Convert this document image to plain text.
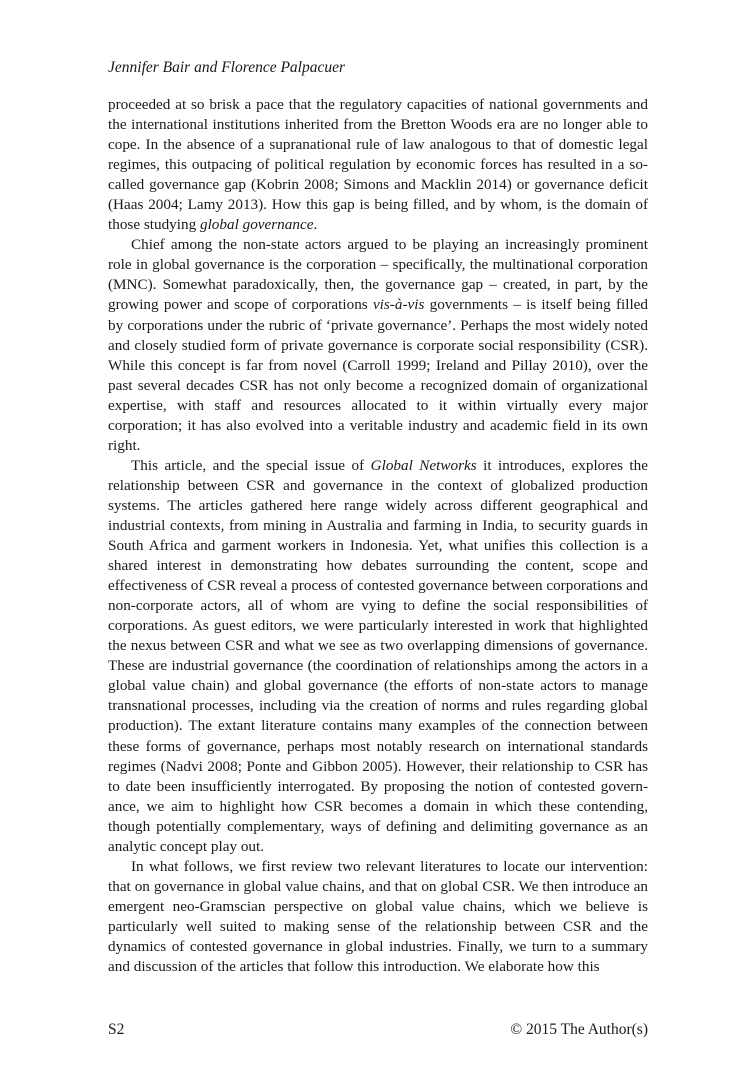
Jennifer Bair and Florence Palpacuer

proceeded at so brisk a pace that the regulatory capacities of national governments and the international institutions inherited from the Bretton Woods era are no longer able to cope. In the absence of a supranational rule of law analogous to that of domestic legal regimes, this outpacing of political regulation by economic forces has resulted in a so-called governance gap (Kobrin 2008; Simons and Macklin 2014) or governance deficit (Haas 2004; Lamy 2013). How this gap is being filled, and by whom, is the domain of those studying global governance.

Chief among the non-state actors argued to be playing an increasingly prominent role in global governance is the corporation – specifically, the multinational corporation (MNC). Somewhat paradoxically, then, the governance gap – created, in part, by the growing power and scope of corporations vis-à-vis governments – is itself being filled by corporations under the rubric of ‘private governance’. Perhaps the most widely noted and closely studied form of private governance is corporate social responsibility (CSR). While this concept is far from novel (Carroll 1999; Ireland and Pillay 2010), over the past several decades CSR has not only become a recognized domain of organizational expertise, with staff and resources allocated to it within virtually every major corporation; it has also evolved into a veritable industry and academic field in its own right.

This article, and the special issue of Global Networks it introduces, explores the relationship between CSR and governance in the context of globalized production systems. The articles gathered here range widely across different geographical and industrial contexts, from mining in Australia and farming in India, to security guards in South Africa and garment workers in Indonesia. Yet, what unifies this collection is a shared interest in demonstrating how debates surrounding the content, scope and effectiveness of CSR reveal a process of contested governance between corporations and non-corporate actors, all of whom are vying to define the social responsibilities of corporations. As guest editors, we were particularly interested in work that highlighted the nexus between CSR and what we see as two overlapping dimensions of governance. These are industrial governance (the coordination of relationships among the actors in a global value chain) and global governance (the efforts of non-state actors to manage transnational processes, including via the creation of norms and rules regarding global production). The extant literature contains many examples of the connection between these forms of governance, perhaps most notably research on international standards regimes (Nadvi 2008; Ponte and Gibbon 2005). However, their relationship to CSR has to date been insufficiently interrogated. By proposing the notion of contested govern-ance, we aim to highlight how CSR becomes a domain in which these contending, though potentially complementary, ways of defining and delimiting governance as an analytic concept play out.

In what follows, we first review two relevant literatures to locate our intervention: that on governance in global value chains, and that on global CSR. We then introduce an emergent neo-Gramscian perspective on global value chains, which we believe is particularly well suited to making sense of the relationship between CSR and the dynamics of contested governance in global industries. Finally, we turn to a summary and discussion of the articles that follow this introduction. We elaborate how this

S2	© 2015 The Author(s)
